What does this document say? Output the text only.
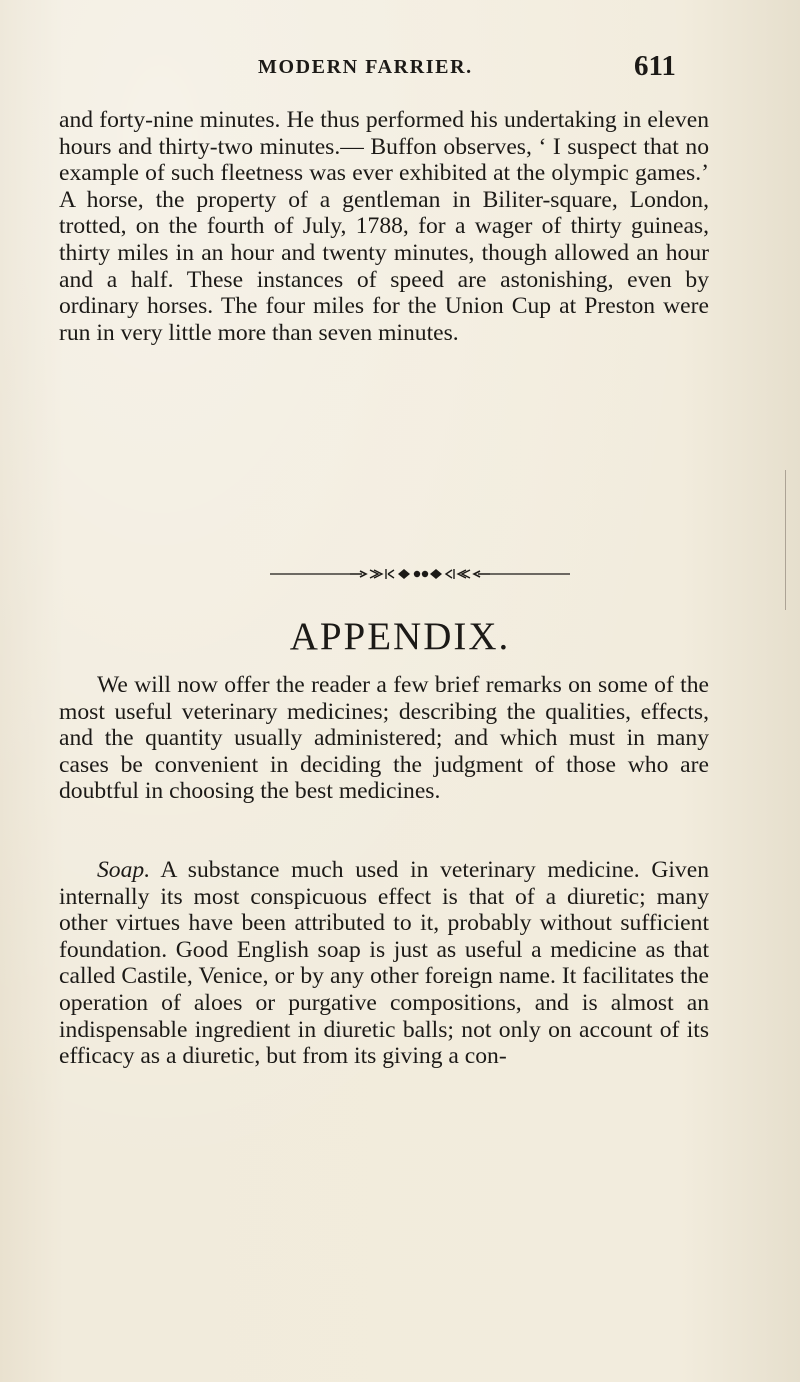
MODERN FARRIER.	611

and forty-nine minutes. He thus performed his undertaking in eleven hours and thirty-two minutes.— Buffon observes, ‘ I suspect that no example of such fleetness was ever exhibited at the olympic games.’ A horse, the property of a gentleman in Biliter-square, London, trotted, on the fourth of July, 1788, for a wager of thirty guineas, thirty miles in an hour and twenty minutes, though allowed an hour and a half. These instances of speed are astonishing, even by ordinary horses. The four miles for the Union Cup at Preston were run in very little more than seven minutes.

APPENDIX.

We will now offer the reader a few brief remarks on some of the most useful veterinary medicines; describing the qualities, effects, and the quantity usually administered; and which must in many cases be convenient in deciding the judgment of those who are doubtful in choosing the best medicines.

Soap. A substance much used in veterinary medicine. Given internally its most conspicuous effect is that of a diuretic; many other virtues have been attributed to it, probably without sufficient foundation. Good English soap is just as useful a medicine as that called Castile, Venice, or by any other foreign name. It facilitates the operation of aloes or purgative compositions, and is almost an indispensable ingredient in diuretic balls; not only on account of its efficacy as a diuretic, but from its giving a con-
